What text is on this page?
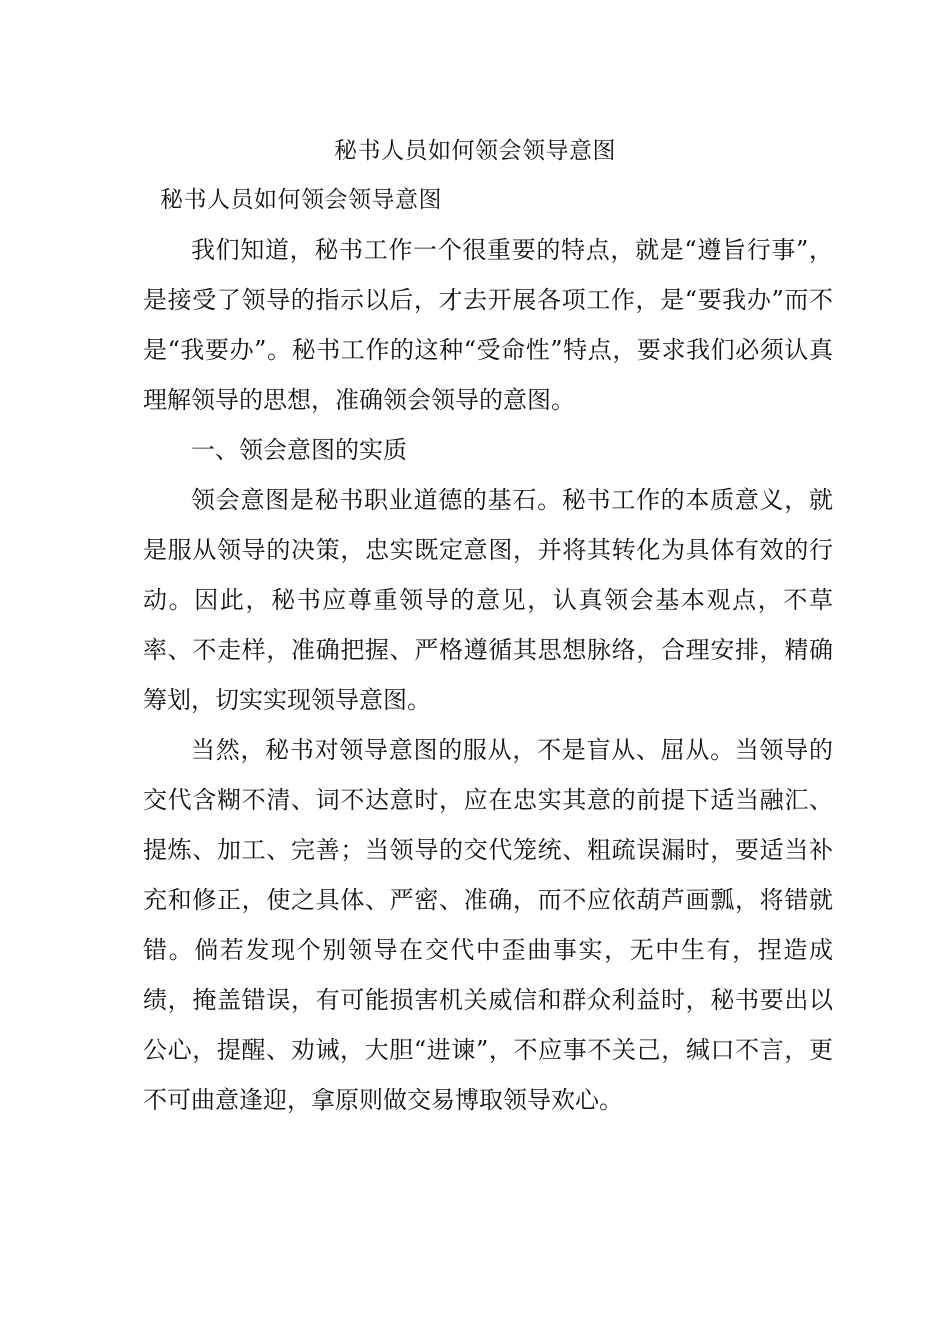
秘书人员如何领会领导意图
秘书人员如何领会领导意图

我们知道，秘书工作一个很重要的特点，就是“遵旨行事”，是接受了领导的指示以后，才去开展各项工作，是“要我办”而不是“我要办”。秘书工作的这种“受命性”特点，要求我们必须认真理解领导的思想，准确领会领导的意图。

一、领会意图的实质

领会意图是秘书职业道德的基石。秘书工作的本质意义，就是服从领导的决策，忠实既定意图，并将其转化为具体有效的行动。因此，秘书应尊重领导的意见，认真领会基本观点，不草率、不走样，准确把握、严格遵循其思想脉络，合理安排，精确筹划，切实实现领导意图。

当然，秘书对领导意图的服从，不是盲从、屈从。当领导的交代含糊不清、词不达意时，应在忠实其意的前提下适当融汇、提炼、加工、完善；当领导的交代笼统、粗疏误漏时，要适当补充和修正，使之具体、严密、准确，而不应依葫芦画瓢，将错就错。倘若发现个别领导在交代中歪曲事实，无中生有，捏造成绩，掩盖错误，有可能损害机关威信和群众利益时，秘书要出以公心，提醒、劝诫，大胆“进谏”，不应事不关己，缄口不言，更不可曲意逢迎，拿原则做交易博取领导欢心。
